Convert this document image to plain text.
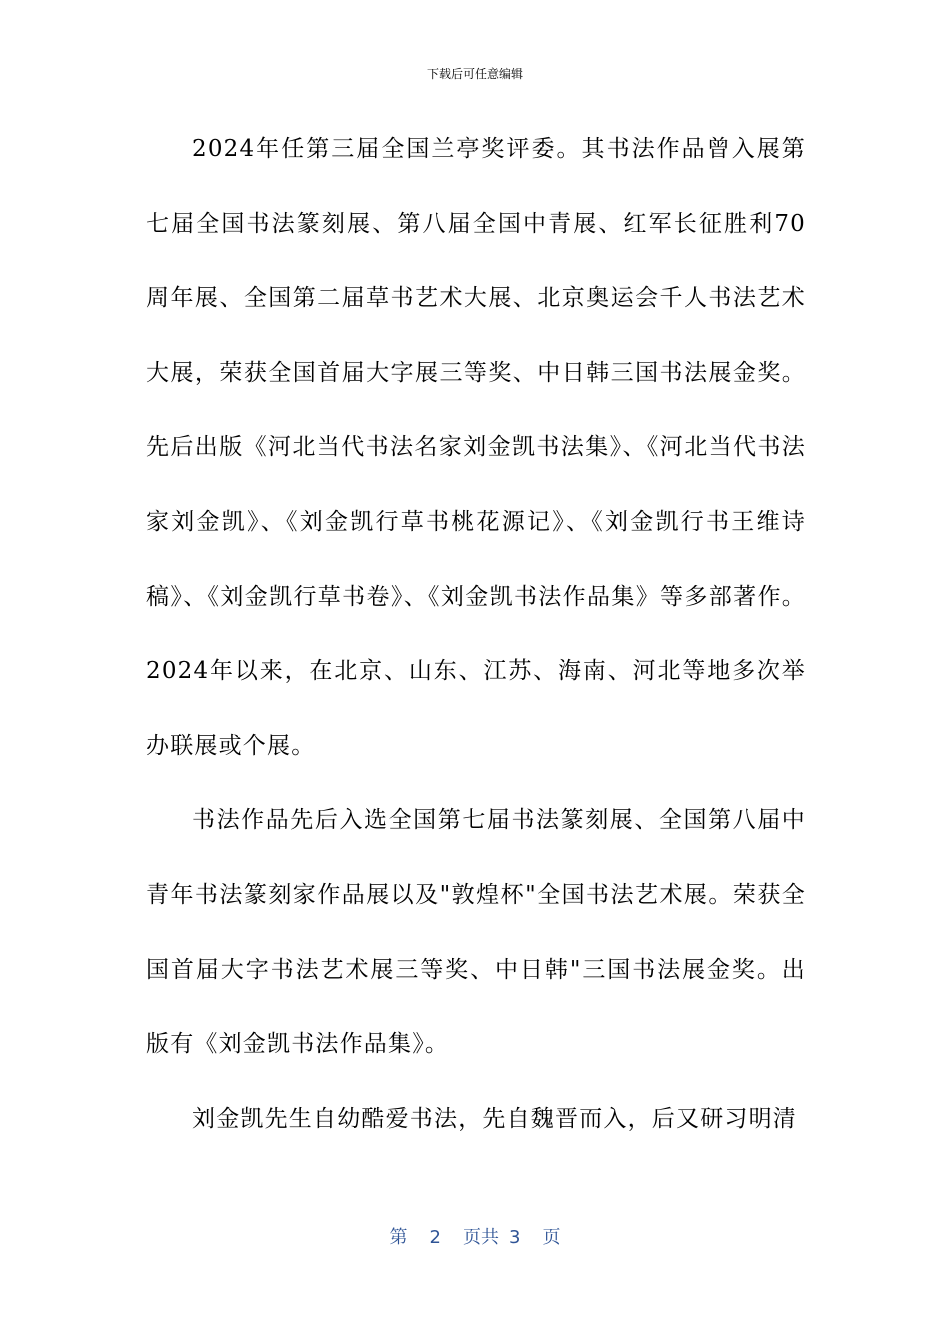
下载后可任意编辑

2024年任第三届全国兰亭奖评委。其书法作品曾入展第七届全国书法篆刻展、第八届全国中青展、红军长征胜利70周年展、全国第二届草书艺术大展、北京奥运会千人书法艺术大展，荣获全国首届大字展三等奖、中日韩三国书法展金奖。先后出版《河北当代书法名家刘金凯书法集》、《河北当代书法家刘金凯》、《刘金凯行草书桃花源记》、《刘金凯行书王维诗稿》、《刘金凯行草书卷》、《刘金凯书法作品集》等多部著作。2024年以来，在北京、山东、江苏、海南、河北等地多次举办联展或个展。

书法作品先后入选全国第七届书法篆刻展、全国第八届中青年书法篆刻家作品展以及"敦煌杯"全国书法艺术展。荣获全国首届大字书法艺术展三等奖、中日韩"三国书法展金奖。出版有《刘金凯书法作品集》。

刘金凯先生自幼酷爱书法，先自魏晋而入，后又研习明清

第 2 页共 3 页
